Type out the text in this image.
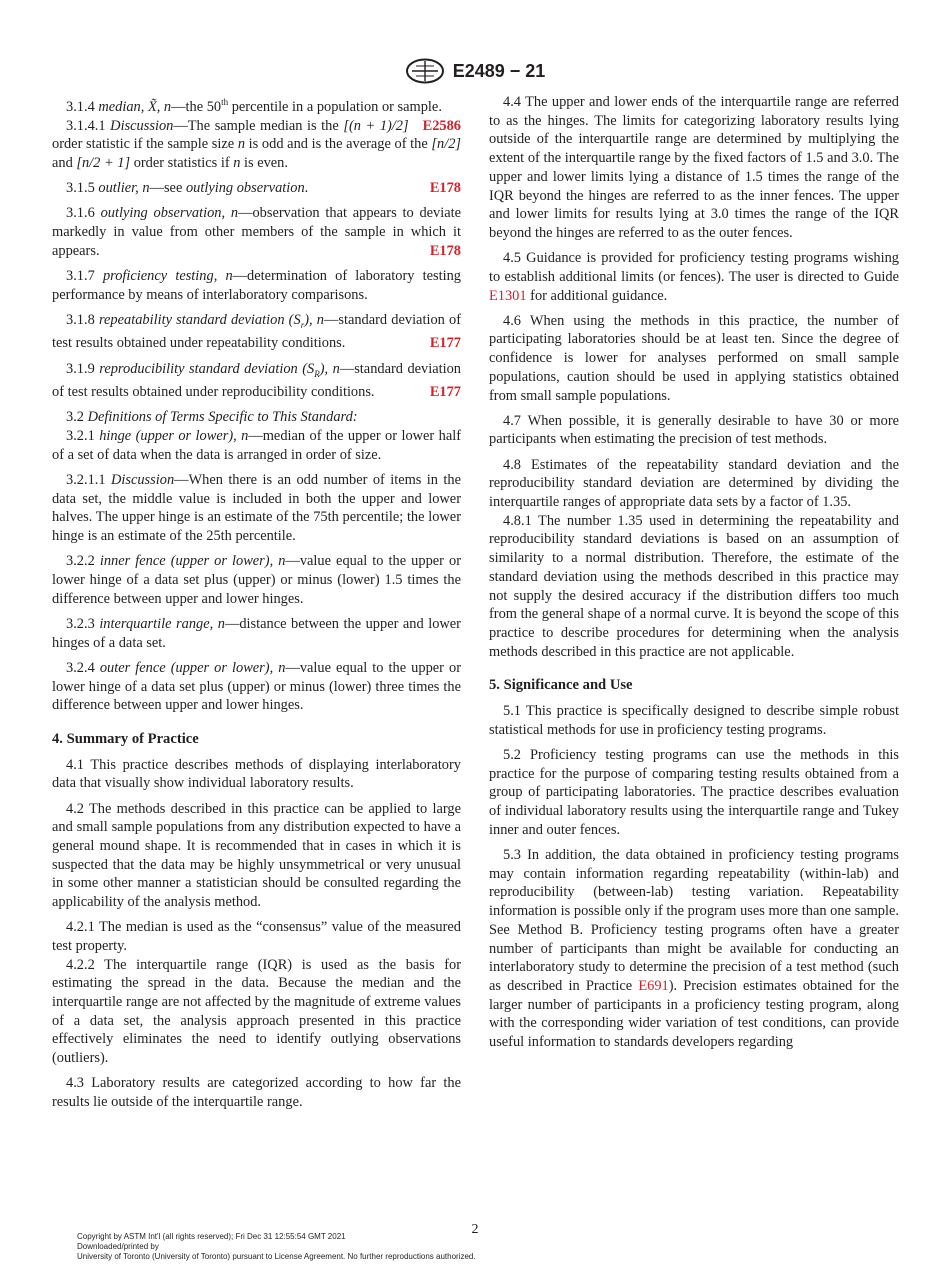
E2489 − 21

3.1.4 median, X̃, n—the 50th percentile in a population or sample.
E2586

3.1.4.1 Discussion—The sample median is the [(n + 1)/2] order statistic if the sample size n is odd and is the average of the [n/2] and [n/2 + 1] order statistics if n is even.

3.1.5 outlier, n—see outlying observation.	E178

3.1.6 outlying observation, n—observation that appears to deviate markedly in value from other members of the sample in which it appears.	E178

3.1.7 proficiency testing, n—determination of laboratory testing performance by means of interlaboratory comparisons.

3.1.8 repeatability standard deviation $(S_r)$, n—standard deviation of test results obtained under repeatability conditions.	E177

3.1.9 reproducibility standard deviation $(S_R)$, n—standard deviation of test results obtained under reproducibility conditions.	E177

3.2 Definitions of Terms Specific to This Standard:

3.2.1 hinge (upper or lower), n—median of the upper or lower half of a set of data when the data is arranged in order of size.

3.2.1.1 Discussion—When there is an odd number of items in the data set, the middle value is included in both the upper and lower halves. The upper hinge is an estimate of the 75th percentile; the lower hinge is an estimate of the 25th percentile.

3.2.2 inner fence (upper or lower), n—value equal to the upper or lower hinge of a data set plus (upper) or minus (lower) 1.5 times the difference between upper and lower hinges.

3.2.3 interquartile range, n—distance between the upper and lower hinges of a data set.

3.2.4 outer fence (upper or lower), n—value equal to the upper or lower hinge of a data set plus (upper) or minus (lower) three times the difference between upper and lower hinges.

4. Summary of Practice

4.1 This practice describes methods of displaying interlaboratory data that visually show individual laboratory results.

4.2 The methods described in this practice can be applied to large and small sample populations from any distribution expected to have a general mound shape. It is recommended that in cases in which it is suspected that the data may be highly unsymmetrical or very unusual in some other manner a statistician should be consulted regarding the applicability of the analysis method.

4.2.1 The median is used as the “consensus” value of the measured test property.

4.2.2 The interquartile range (IQR) is used as the basis for estimating the spread in the data. Because the median and the interquartile range are not affected by the magnitude of extreme values of a data set, the analysis approach presented in this practice effectively eliminates the need to identify outlying observations (outliers).

4.3 Laboratory results are categorized according to how far the results lie outside of the interquartile range.

4.4 The upper and lower ends of the interquartile range are referred to as the hinges. The limits for categorizing laboratory results lying outside of the interquartile range are determined by multiplying the extent of the interquartile range by the fixed factors of 1.5 and 3.0. The upper and lower limits lying a distance of 1.5 times the range of the IQR beyond the hinges are referred to as the inner fences. The upper and lower limits for results lying at 3.0 times the range of the IQR beyond the hinges are referred to as the outer fences.

4.5 Guidance is provided for proficiency testing programs wishing to establish additional limits (or fences). The user is directed to Guide E1301 for additional guidance.

4.6 When using the methods in this practice, the number of participating laboratories should be at least ten. Since the degree of confidence is lower for analyses performed on small sample populations, caution should be used in applying statistics obtained from small sample populations.

4.7 When possible, it is generally desirable to have 30 or more participants when estimating the precision of test methods.

4.8 Estimates of the repeatability standard deviation and the reproducibility standard deviation are determined by dividing the interquartile ranges of appropriate data sets by a factor of 1.35.

4.8.1 The number 1.35 used in determining the repeatability and reproducibility standard deviations is based on an assumption of similarity to a normal distribution. Therefore, the estimate of the standard deviation using the methods described in this practice may not supply the desired accuracy if the distribution differs too much from the general shape of a normal curve. It is beyond the scope of this practice to describe procedures for determining when the analysis methods described in this practice are not applicable.

5. Significance and Use

5.1 This practice is specifically designed to describe simple robust statistical methods for use in proficiency testing programs.

5.2 Proficiency testing programs can use the methods in this practice for the purpose of comparing testing results obtained from a group of participating laboratories. The practice describes evaluation of individual laboratory results using the interquartile range and Tukey inner and outer fences.

5.3 In addition, the data obtained in proficiency testing programs may contain information regarding repeatability (within-lab) and reproducibility (between-lab) testing variation. Repeatability information is possible only if the program uses more than one sample. See Method B. Proficiency testing programs often have a greater number of participants than might be available for conducting an interlaboratory study to determine the precision of a test method (such as described in Practice E691). Precision estimates obtained for the larger number of participants in a proficiency testing program, along with the corresponding wider variation of test conditions, can provide useful information to standards developers regarding

2
Copyright by ASTM Int'l (all rights reserved); Fri Dec 31 12:55:54 GMT 2021
Downloaded/printed by
University of Toronto (University of Toronto) pursuant to License Agreement. No further reproductions authorized.
